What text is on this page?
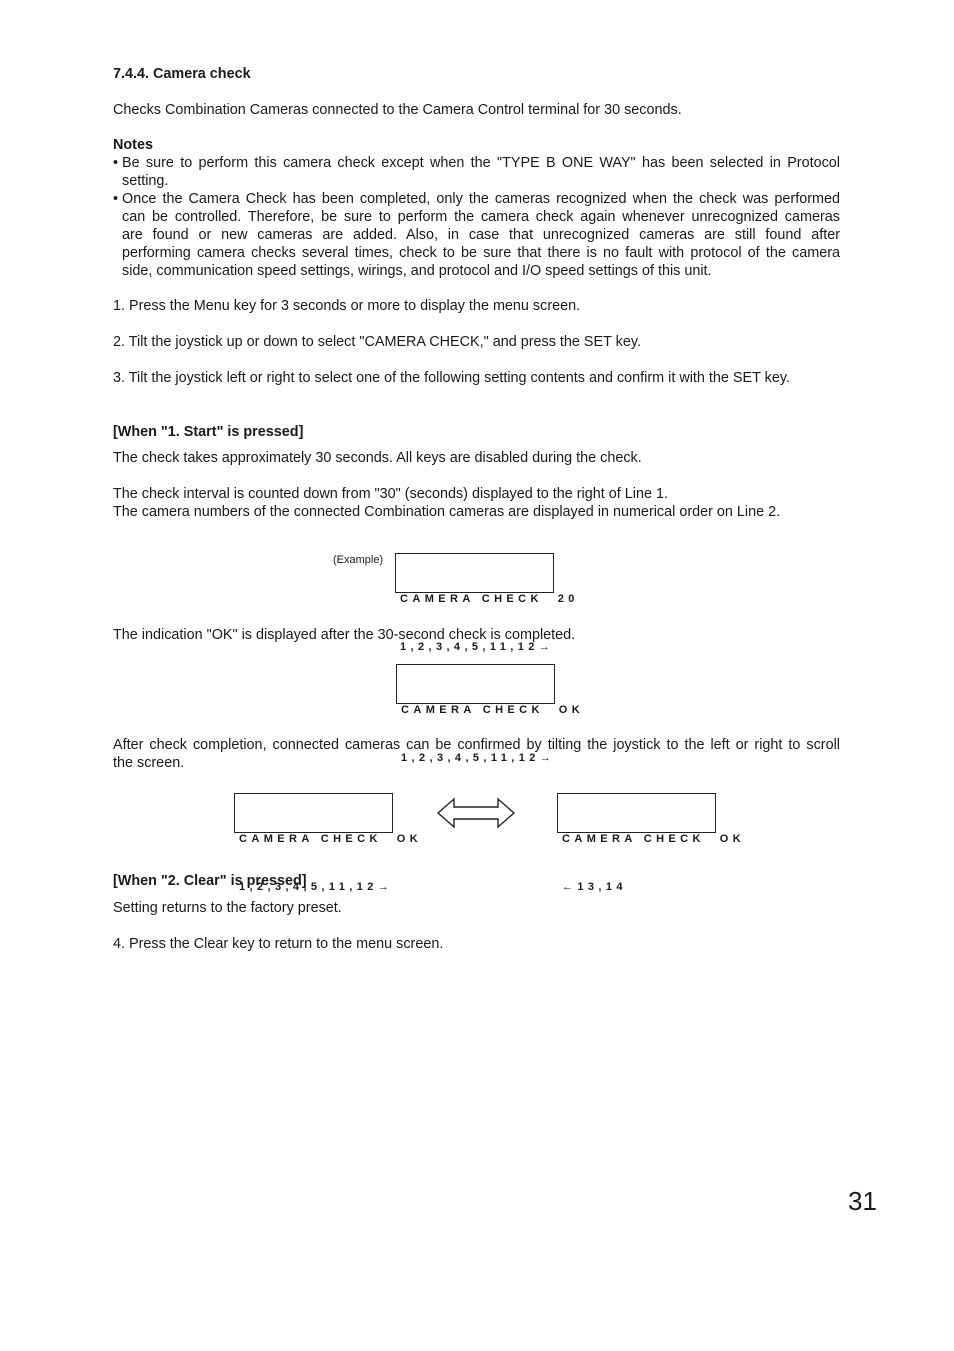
7.4.4. Camera check
Checks Combination Cameras connected to the Camera Control terminal for 30 seconds.
Notes
• Be sure to perform this camera check except when the "TYPE B ONE WAY" has been selected in Protocol
setting.
• Once the Camera Check has been completed, only the cameras recognized when the check was performed
can be controlled. Therefore, be sure to perform the camera check again whenever unrecognized cameras
are found or new cameras are added. Also, in case that unrecognized cameras are still found after
performing camera checks several times, check to be sure that there is no fault with protocol of the camera
side, communication speed settings, wirings, and protocol and I/O speed settings of this unit.
1. Press the Menu key for 3 seconds or more to display the menu screen.
2. Tilt the joystick up or down to select "CAMERA CHECK," and press the SET key.
3. Tilt the joystick left or right to select one of the following setting contents and confirm it with the SET key.
[When "1. Start" is pressed]
The check takes approximately 30 seconds. All keys are disabled during the check.
The check interval is counted down from "30" (seconds) displayed to the right of Line 1.
The camera numbers of the connected Combination cameras are displayed in numerical order on Line 2.
(Example)

CAMERA CHECK  20

1,2,3,4,5,11,12→

The indication "OK" is displayed after the 30-second check is completed.

CAMERA CHECK  OK

1,2,3,4,5,11,12→

After check completion, connected cameras can be confirmed by tilting the joystick to the left or right to scroll
the screen.

CAMERA CHECK  OK

1,2,3,4,5,11,12→

CAMERA CHECK  OK

←13,14

[When "2. Clear" is pressed]
Setting returns to the factory preset.
4. Press the Clear key to return to the menu screen.
31
